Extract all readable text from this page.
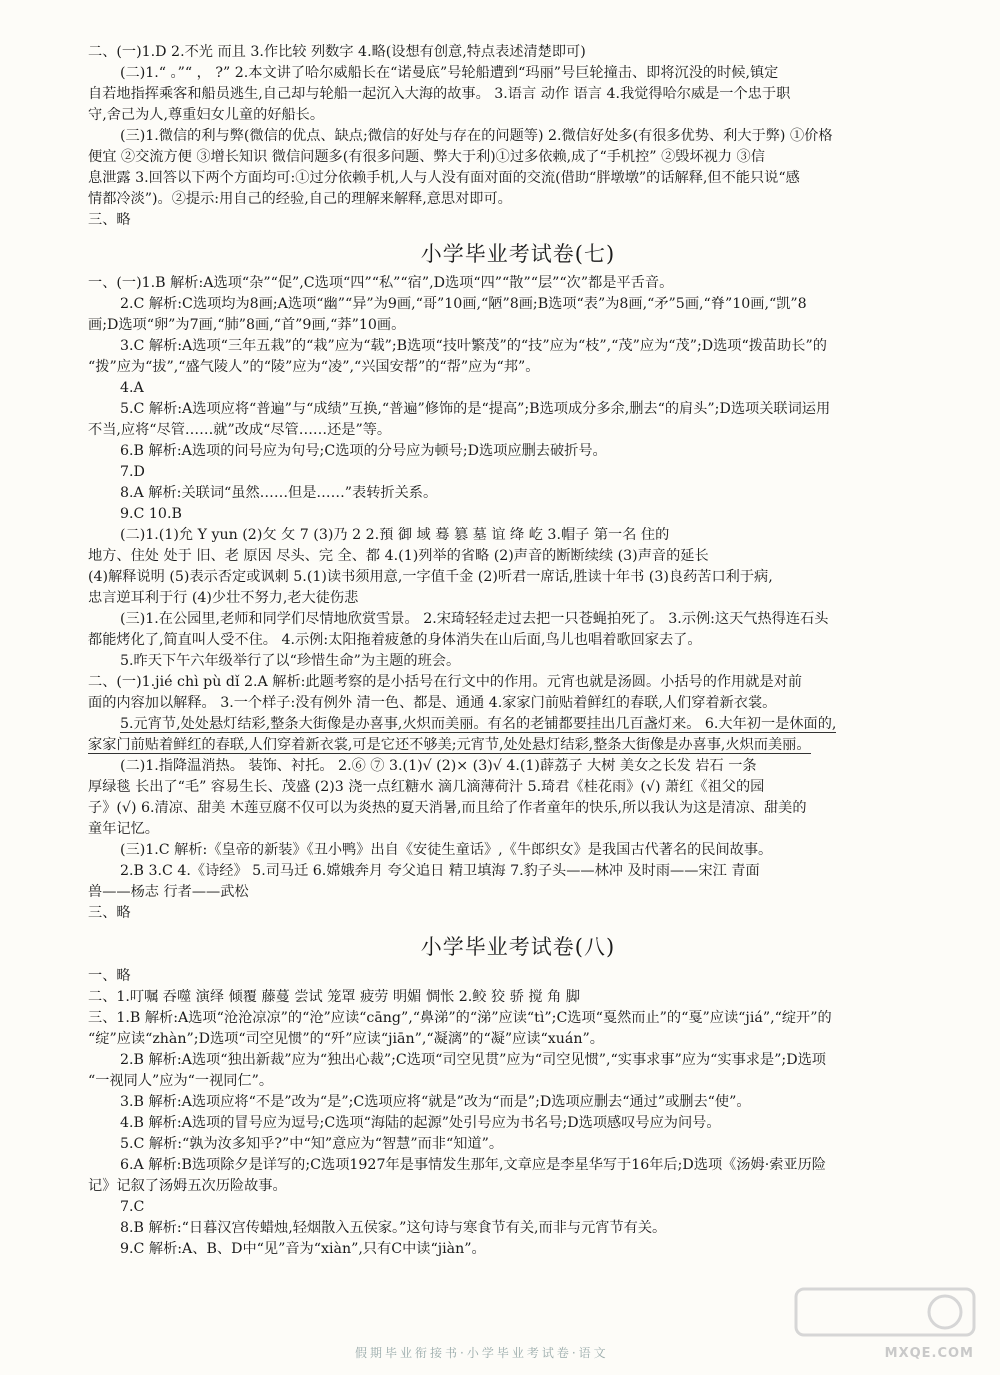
二、(一)1.D 2.不光 而且 3.作比较 列数字 4.略(设想有创意,特点表述清楚即可)
(二)1.“ 。”“ ， ?” 2.本文讲了哈尔威船长在“诺曼底”号轮船遭到“玛丽”号巨轮撞击、即将沉没的时候,镇定
自若地指挥乘客和船员逃生,自己却与轮船一起沉入大海的故事。 3.语言 动作 语言 4.我觉得哈尔威是一个忠于职
守,舍己为人,尊重妇女儿童的好船长。
(三)1.微信的利与弊(微信的优点、缺点;微信的好处与存在的问题等) 2.微信好处多(有很多优势、利大于弊) ①价格
便宜 ②交流方便 ③增长知识 微信问题多(有很多问题、弊大于利)①过多依赖,成了“手机控” ②毁坏视力 ③信
息泄露 3.回答以下两个方面均可:①过分依赖手机,人与人没有面对面的交流(借助“胖墩墩”的话解释,但不能只说“感
情都冷淡”)。②提示:用自己的经验,自己的理解来解释,意思对即可。
三、略
小学毕业考试卷(七)
一、(一)1.B 解析:A选项“杂”“促”,C选项“四”“私”“宿”,D选项“四”“散”“层”“次”都是平舌音。
2.C 解析:C选项均为8画;A选项“幽”“异”为9画,“哥”10画,“陋”8画;B选项“表”为8画,“矛”5画,“脊”10画,“凯”8
画;D选项“卵”为7画,“肺”8画,“首”9画,“莽”10画。
3.C 解析:A选项“三年五栽”的“栽”应为“载”;B选项“技叶繁茂”的“技”应为“枝”,“茂”应为“茂”;D选项“拨苗助长”的
“拨”应为“拔”,“盛气陵人”的“陵”应为“凌”,“兴国安帮”的“帮”应为“邦”。
4.A
5.C 解析:A选项应将“普遍”与“成绩”互换,“普遍”修饰的是“提高”;B选项成分多余,删去“的肩头”;D选项关联词运用
不当,应将“尽管……就”改成“尽管……还是”等。
6.B 解析:A选项的问号应为句号;C选项的分号应为顿号;D选项应删去破折号。
7.D
8.A 解析:关联词“虽然……但是……”表转折关系。
9.C 10.B
(二)1.(1)允 Y yun (2)攵 攵 7 (3)乃 2 2.預 御 域 蓦 篡 墓 谊 绛 屹 3.帽子 第一名 住的
地方、住处 处于 旧、老 原因 尽头、完 全、都 4.(1)列举的省略 (2)声音的断断续续 (3)声音的延长
(4)解释说明 (5)表示否定或讽刺 5.(1)读书须用意,一字值千金 (2)听君一席话,胜读十年书 (3)良药苦口利于病,
忠言逆耳利于行 (4)少壮不努力,老大徒伤悲
(三)1.在公园里,老师和同学们尽情地欣赏雪景。 2.宋琦轻轻走过去把一只苍蝇拍死了。 3.示例:这天气热得连石头
都能烤化了,简直叫人受不住。 4.示例:太阳拖着疲惫的身体消失在山后面,鸟儿也唱着歌回家去了。
5.昨天下午六年级举行了以“珍惜生命”为主题的班会。
二、(一)1.jié chì pù dǐ 2.A 解析:此题考察的是小括号在行文中的作用。元宵也就是汤圆。小括号的作用就是对前
面的内容加以解释。 3.一个样子:没有例外 清一色、都是、通通 4.家家门前贴着鲜红的春联,人们穿着新衣裳。
5.元宵节,处处悬灯结彩,整条大街像是办喜事,火炽而美丽。有名的老铺都要挂出几百盏灯来。 6.大年初一是休面的,
家家门前贴着鲜红的春联,人们穿着新衣裳,可是它还不够美;元宵节,处处悬灯结彩,整条大街像是办喜事,火炽而美丽。
(二)1.指降温消热。 装饰、衬托。 2.⑥ ⑦ 3.(1)√ (2)× (3)√ 4.(1)薜荔子 大树 美女之长发 岩石 一条
厚绿毯 长出了“毛” 容易生长、茂盛 (2)3 浇一点红糖水 滴几滴薄荷汁 5.琦君《桂花雨》(√) 萧红《祖父的园
子》(√) 6.清凉、甜美 木莲豆腐不仅可以为炎热的夏天消暑,而且给了作者童年的快乐,所以我认为这是清凉、甜美的
童年记忆。
(三)1.C 解析:《皇帝的新装》《丑小鸭》出自《安徒生童话》,《牛郎织女》是我国古代著名的民间故事。
2.B 3.C 4.《诗经》 5.司马迁 6.嫦娥奔月 夸父追日 精卫填海 7.豹子头——林冲 及时雨——宋江 青面
兽——杨志 行者——武松
三、略
小学毕业考试卷(八)
一、略
二、1.叮嘱 吞噬 演绎 倾覆 藤蔓 尝试 笼罩 疲劳 明媚 惆怅 2.鲛 狡 骄 搅 角 脚
三、1.B 解析:A选项“沧沧凉凉”的“沧”应读“cāng”,“鼻涕”的“涕”应读“tì”;C选项“戛然而止”的“戛”应读“jiá”,“绽开”的
“绽”应读“zhàn”;D选项“司空见惯”的“歼”应读“jiān”,“凝漓”的“凝”应读“xuán”。
2.B 解析:A选项“独出新裁”应为“独出心裁”;C选项“司空见贯”应为“司空见惯”,“实事求事”应为“实事求是”;D选项
“一视同人”应为“一视同仁”。
3.B 解析:A选项应将“不是”改为“是”;C选项应将“就是”改为“而是”;D选项应删去“通过”或删去“使”。
4.B 解析:A选项的冒号应为逗号;C选项“海陆的起源”处引号应为书名号;D选项感叹号应为问号。
5.C 解析:“孰为汝多知乎?”中“知”意应为“智慧”而非“知道”。
6.A 解析:B选项除夕是详写的;C选项1927年是事情发生那年,文章应是李星华写于16年后;D选项《汤姆·索亚历险
记》记叙了汤姆五次历险故事。
7.C
8.B 解析:“日暮汉宫传蜡烛,轻烟散入五侯家。”这句诗与寒食节有关,而非与元宵节有关。
9.C 解析:A、B、D中“见”音为“xiàn”,只有C中读“jiàn”。
假期毕业衔接书·小学毕业考试卷·语文	MXQE.COM
